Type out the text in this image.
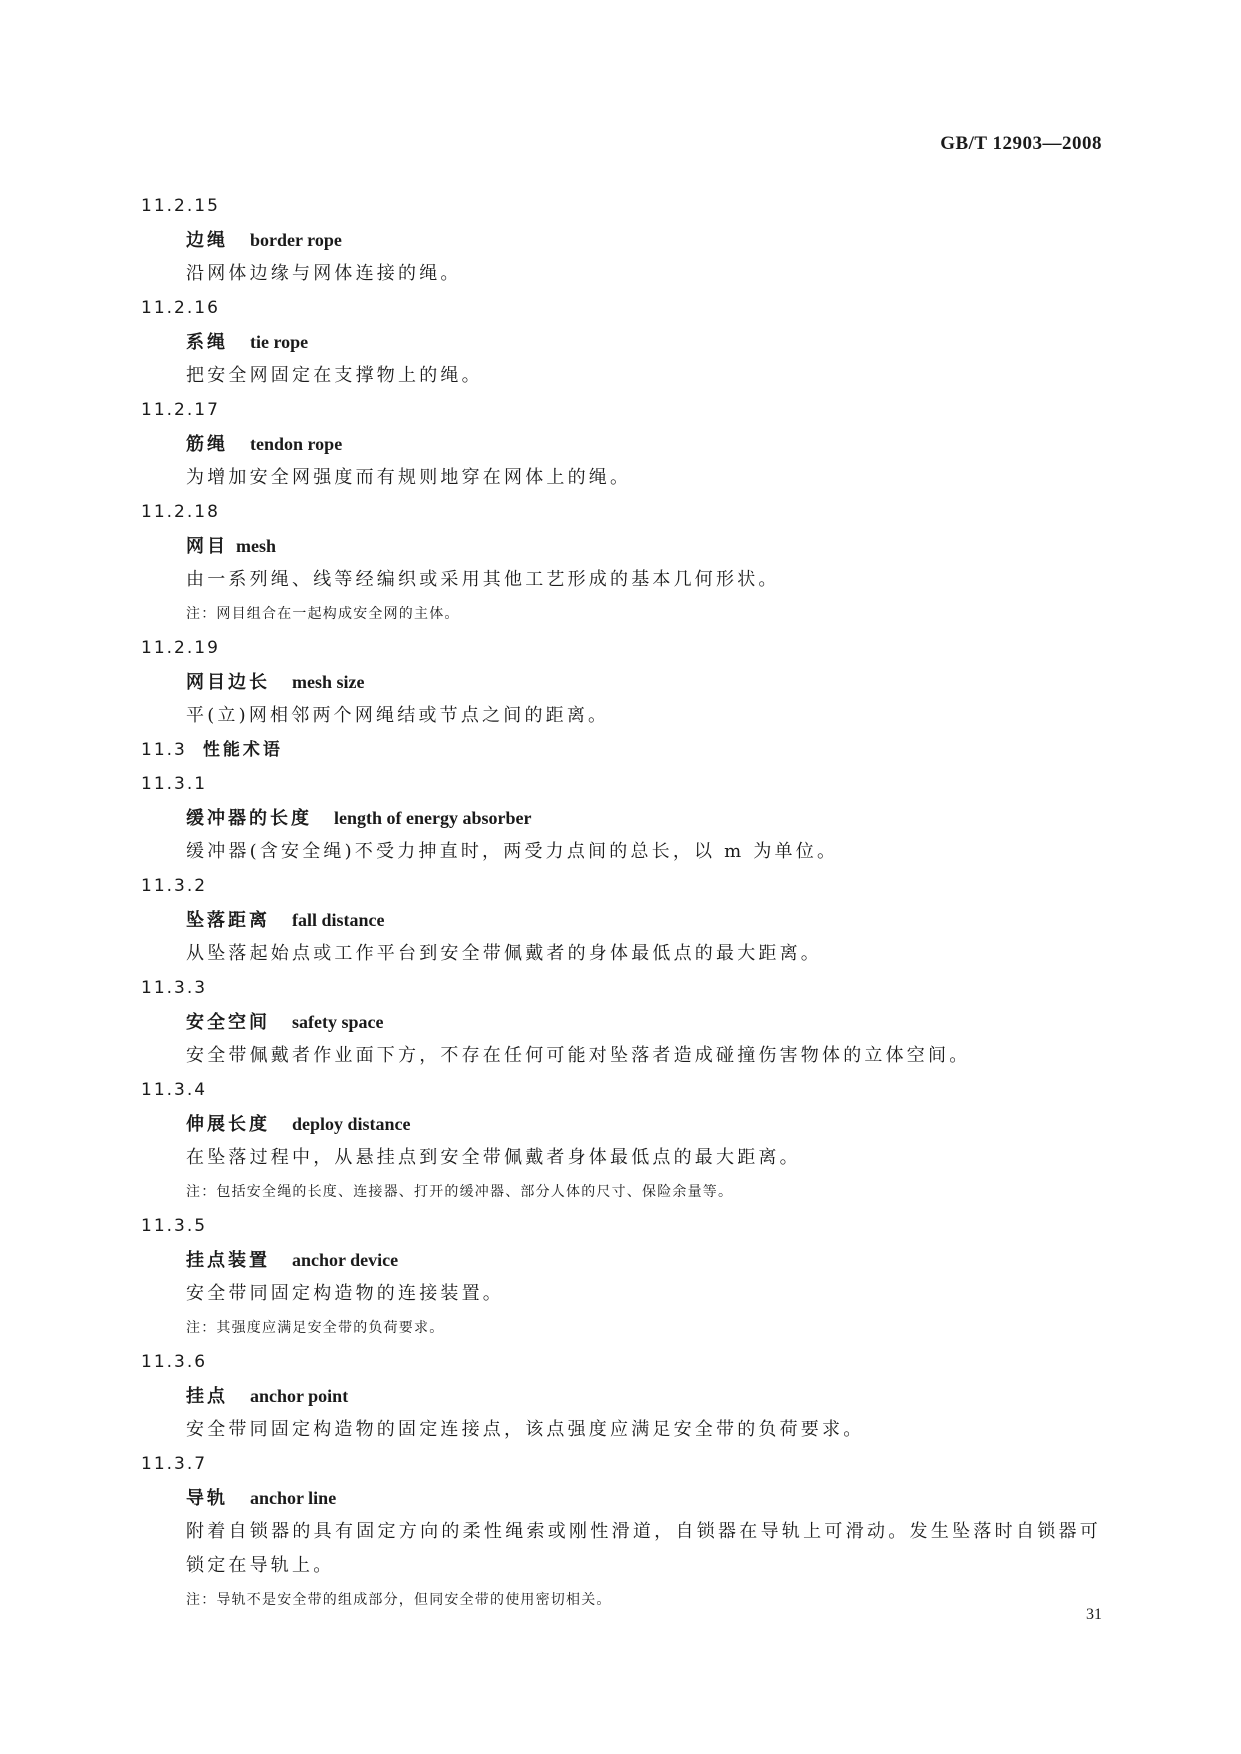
GB/T 12903—2008
11.2.15
边绳 border rope
沿网体边缘与网体连接的绳。
11.2.16
系绳 tie rope
把安全网固定在支撑物上的绳。
11.2.17
筋绳 tendon rope
为增加安全网强度而有规则地穿在网体上的绳。
11.2.18
网目 mesh
由一系列绳、线等经编织或采用其他工艺形成的基本几何形状。
注：网目组合在一起构成安全网的主体。
11.2.19
网目边长 mesh size
平(立)网相邻两个网绳结或节点之间的距离。
11.3 性能术语
11.3.1
缓冲器的长度 length of energy absorber
缓冲器(含安全绳)不受力抻直时，两受力点间的总长，以 m 为单位。
11.3.2
坠落距离 fall distance
从坠落起始点或工作平台到安全带佩戴者的身体最低点的最大距离。
11.3.3
安全空间 safety space
安全带佩戴者作业面下方，不存在任何可能对坠落者造成碰撞伤害物体的立体空间。
11.3.4
伸展长度 deploy distance
在坠落过程中，从悬挂点到安全带佩戴者身体最低点的最大距离。
注：包括安全绳的长度、连接器、打开的缓冲器、部分人体的尺寸、保险余量等。
11.3.5
挂点装置 anchor device
安全带同固定构造物的连接装置。
注：其强度应满足安全带的负荷要求。
11.3.6
挂点 anchor point
安全带同固定构造物的固定连接点，该点强度应满足安全带的负荷要求。
11.3.7
导轨 anchor line
附着自锁器的具有固定方向的柔性绳索或刚性滑道，自锁器在导轨上可滑动。发生坠落时自锁器可锁定在导轨上。
注：导轨不是安全带的组成部分，但同安全带的使用密切相关。
31
